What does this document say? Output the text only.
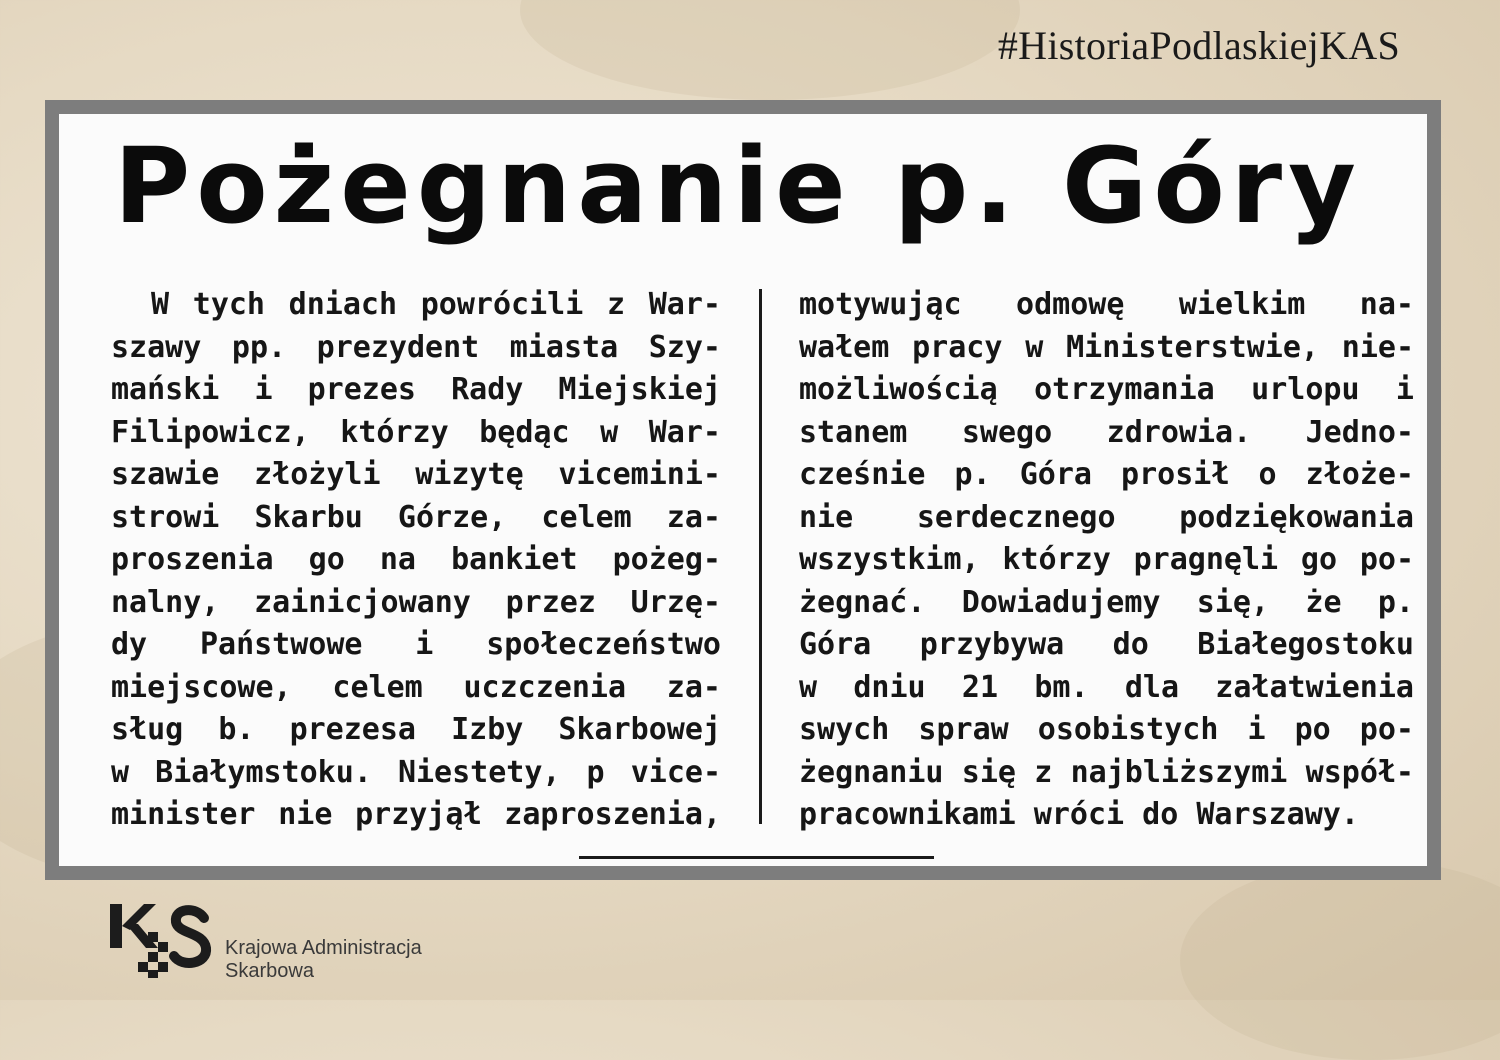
#HistoriaPodlaskiejKAS
Pożegnanie p. Góry
W tych dniach powrócili z War-
szawy pp. prezydent miasta Szy-
mański i prezes Rady Miejskiej
Filipowicz, którzy będąc w War-
szawie złożyli wizytę vicemini-
strowi Skarbu Górze, celem za-
proszenia go na bankiet pożeg-
nalny, zainicjowany przez Urzę-
dy Państwowe i społeczeństwo
miejscowe, celem uczczenia za-
sług b. prezesa Izby Skarbowej
w Białymstoku. Niestety, p vice-
minister nie przyjął zaproszenia,
motywując odmowę wielkim na-
wałem pracy w Ministerstwie, nie-
możliwością otrzymania urlopu i
stanem swego zdrowia. Jedno-
cześnie p. Góra prosił o złoże-
nie serdecznego podziękowania
wszystkim, którzy pragnęli go po-
żegnać. Dowiadujemy się, że p.
Góra przybywa do Białegostoku
w dniu 21 bm. dla załatwienia
swych spraw osobistych i po po-
żegnaniu się z najbliższymi współ-
pracownikami wróci do Warszawy.
Krajowa Administracja
Skarbowa
